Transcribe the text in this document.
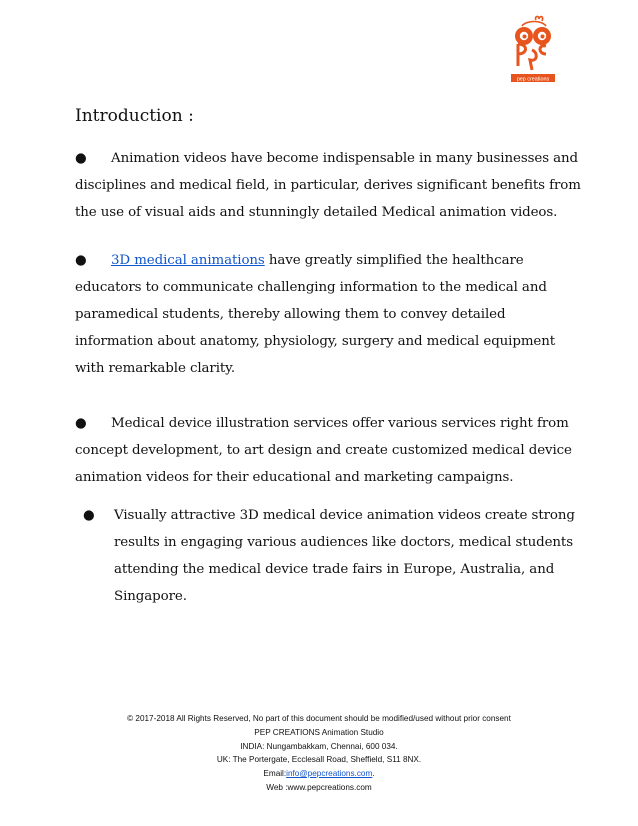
pep creations
Introduction :
● Animation videos have become indispensable in many businesses and
disciplines and medical field, in particular, derives significant benefits from
the use of visual aids and stunningly detailed Medical animation videos.
● 3D medical animations have greatly simplified the healthcare
educators to communicate challenging information to the medical and
paramedical students, thereby allowing them to convey detailed
information about anatomy, physiology, surgery and medical equipment
with remarkable clarity.
● Medical device illustration services offer various services right from
concept development, to art design and create customized medical device
animation videos for their educational and marketing campaigns.
● Visually attractive 3D medical device animation videos create strong
results in engaging various audiences like doctors, medical students
attending the medical device trade fairs in Europe, Australia, and
Singapore.
© 2017-2018 All Rights Reserved, No part of this document should be modified/used without prior consent
PEP CREATIONS Animation Studio
INDIA: Nungambakkam, Chennai, 600 034.
UK: The Portergate, Ecclesall Road, Sheffield, S11 8NX.
Email:info@pepcreations.com.
Web :www.pepcreations.com
